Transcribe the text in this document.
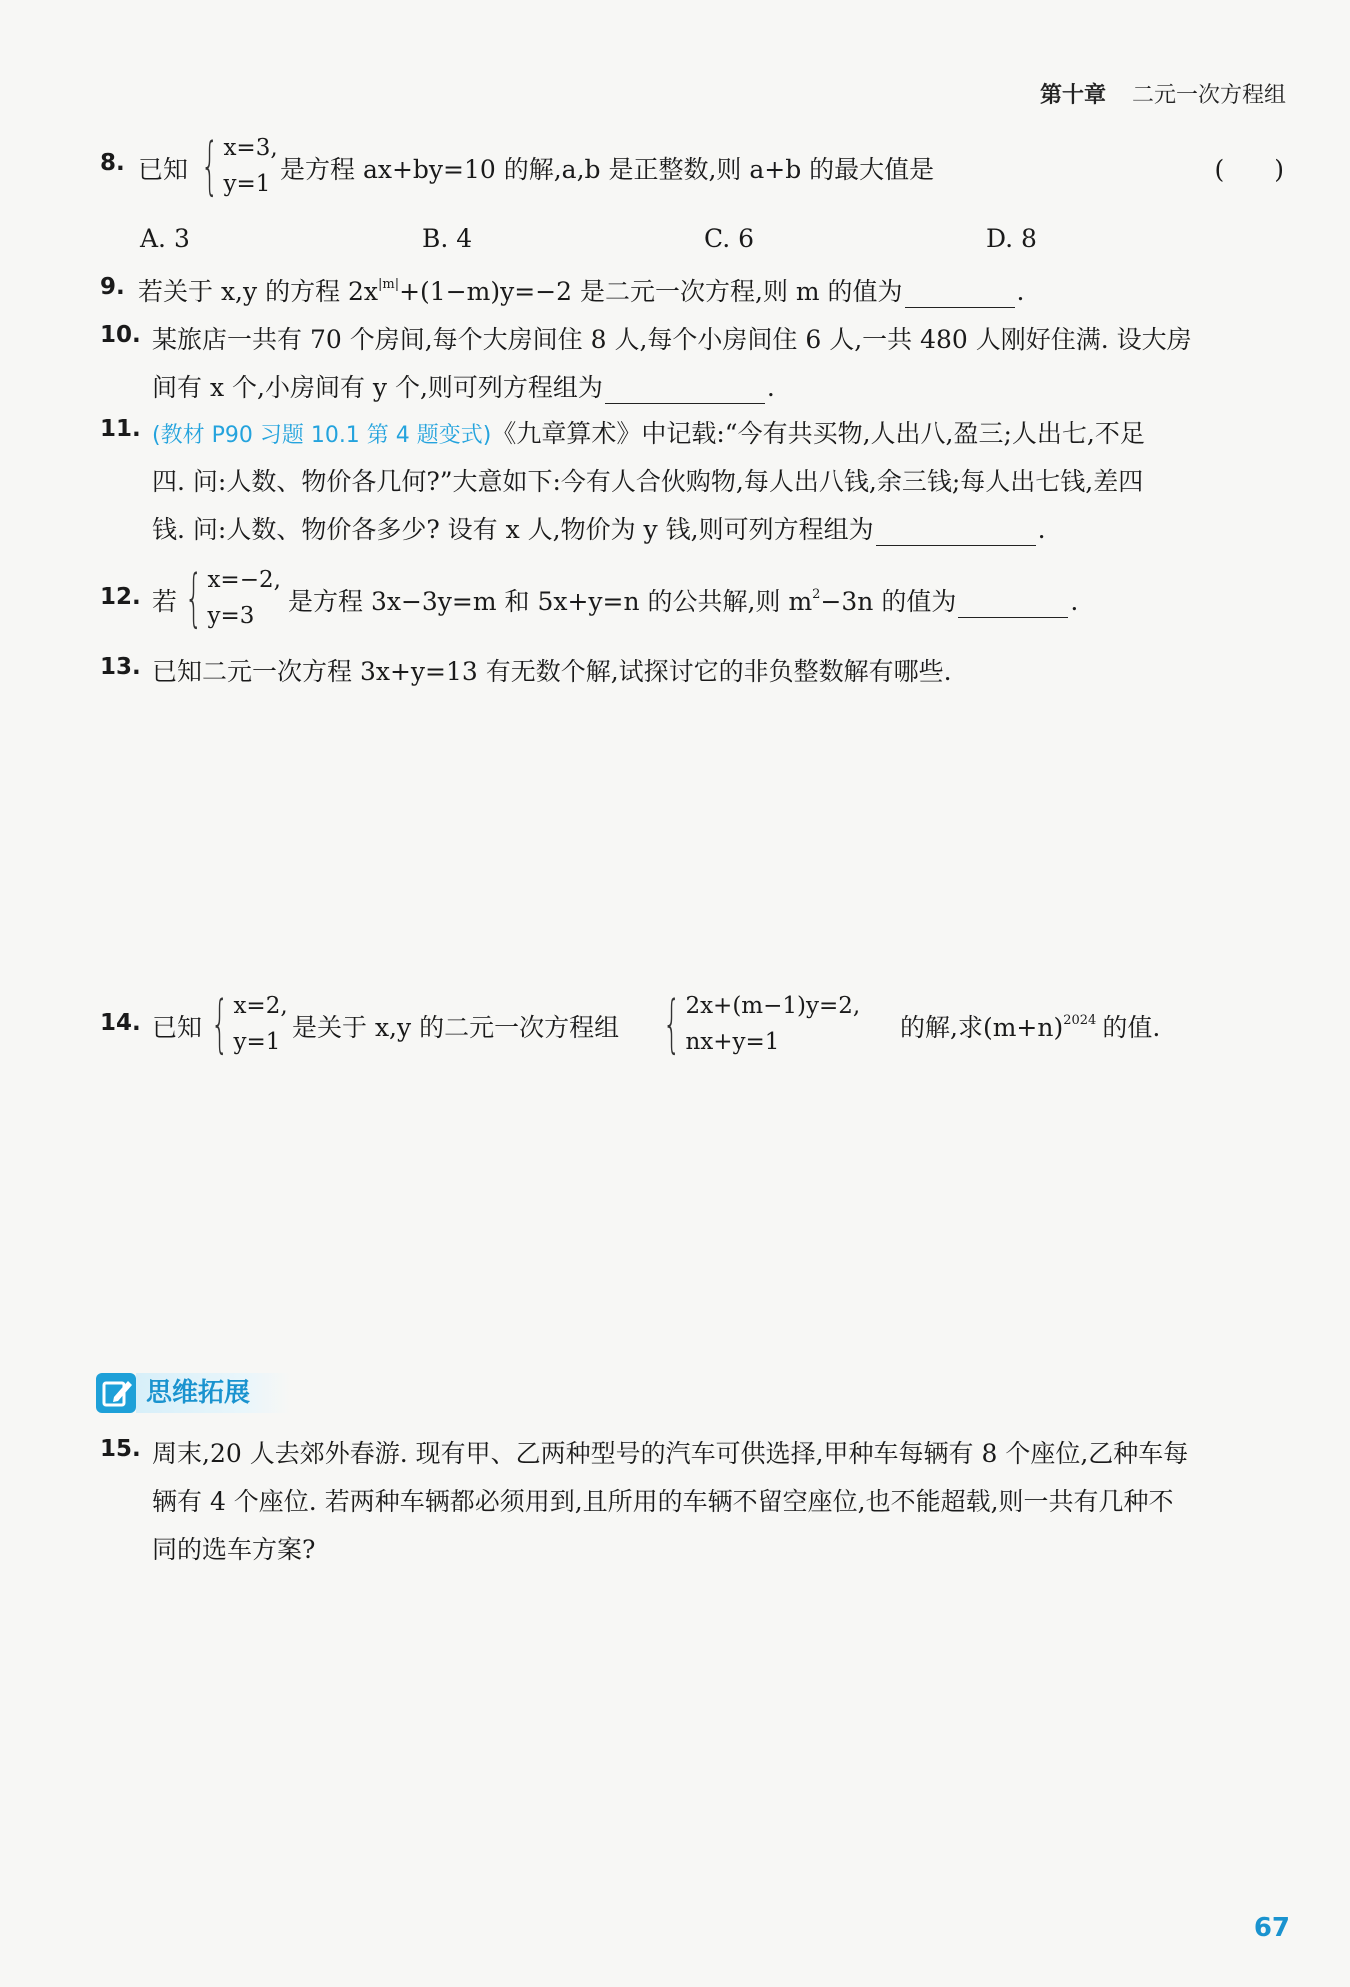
第十章 二元一次方程组
8. 已知 { x=3,
y=1 是方程 ax+by=10 的解,a,b 是正整数,则 a+b 的最大值是	(　　)
A. 3	B. 4	C. 6	D. 8
9. 若关于 x,y 的方程 $2x^{|m|}+(1-m)y=-2$ 是二元一次方程,则 m 的值为	.
10. 某旅店一共有 70 个房间,每个大房间住 8 人,每个小房间住 6 人,一共 480 人刚好住满. 设大房
间有 x 个,小房间有 y 个,则可列方程组为	.
11. (教材 P90 习题 10.1 第 4 题变式)《九章算术》中记载:“今有共买物,人出八,盈三;人出七,不足
四. 问:人数、物价各几何?”大意如下:今有人合伙购物,每人出八钱,余三钱;每人出七钱,差四
钱. 问:人数、物价各多少? 设有 x 人,物价为 y 钱,则可列方程组为	.
12. 若 { x=−2,
y=3	是方程 3x−3y=m 和 5x+y=n 的公共解,则 $m^2-3n$ 的值为	.
13. 已知二元一次方程 3x+y=13 有无数个解,试探讨它的非负整数解有哪些.
14. 已知 { x=2,
y=1 是关于 x,y 的二元一次方程组 { 2x+(m−1)y=2,
nx+y=1	的解,求$(m+n)^{2024}$ 的值.
思维拓展
15. 周末,20 人去郊外春游. 现有甲、乙两种型号的汽车可供选择,甲种车每辆有 8 个座位,乙种车每
辆有 4 个座位. 若两种车辆都必须用到,且所用的车辆不留空座位,也不能超载,则一共有几种不
同的选车方案?
67
